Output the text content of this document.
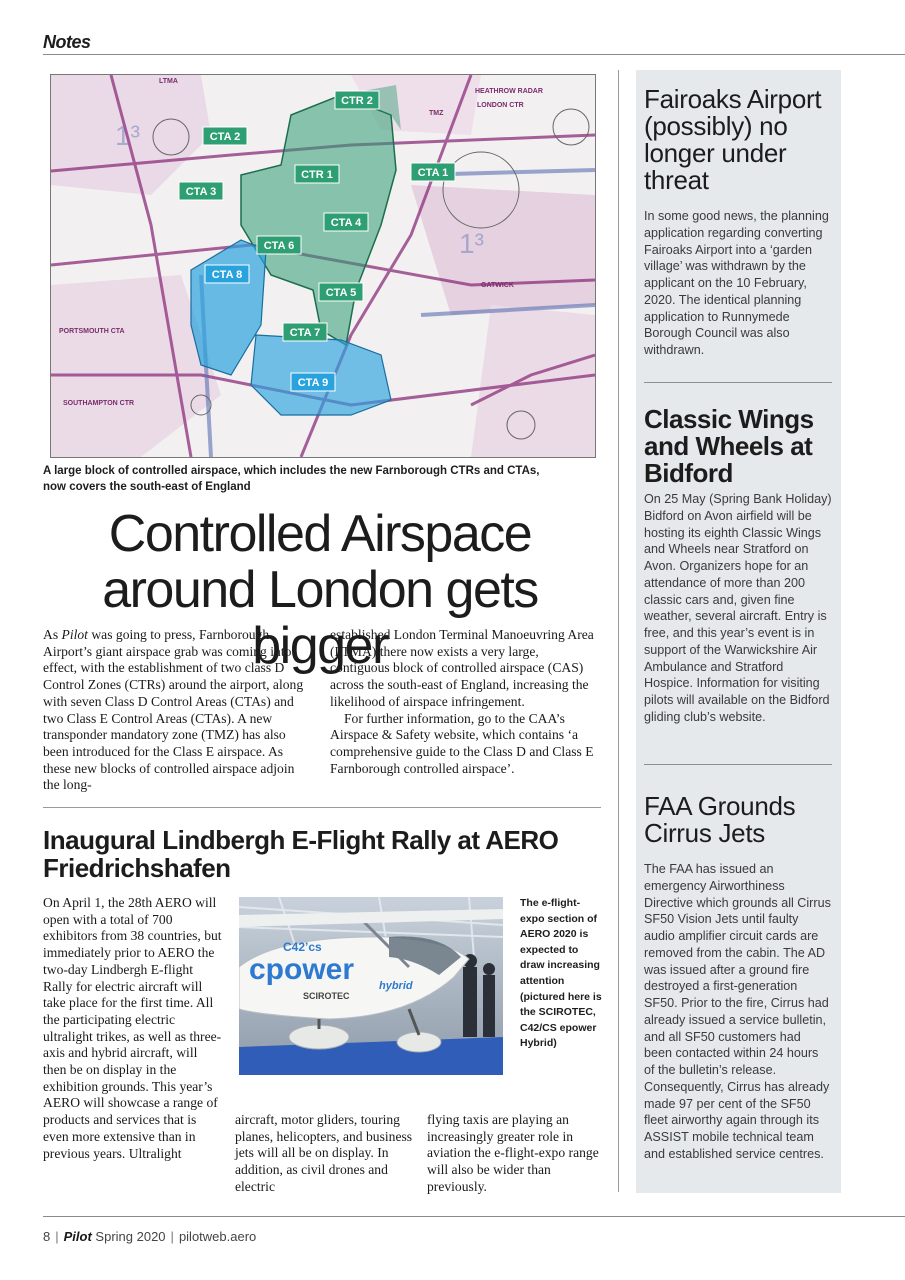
Notes
CTR 2
CTA 2
CTR 1	CTA 1
CTA 3
CTA 4
CTA 6
CTA 8
CTA 5
CTA 7
CTA 9
PORTSMOUTH CTA
SOUTHAMPTON CTR
LTMA
LONDON CTR
TMZ
HEATHROW RADAR
GATWICK
1³
1³
A large block of controlled airspace, which includes the new Farnborough CTRs and CTAs, now covers the south-east of England
Controlled Airspace around London gets bigger

As Pilot was going to press, Farnborough Airport’s giant airspace grab was coming into effect, with the establishment of two class D Control Zones (CTRs) around the airport, along with seven Class D Control Areas (CTAs) and two Class E Control Areas (CTAs). A new transponder mandatory zone (TMZ) has also been introduced for the Class E airspace. As these new blocks of controlled airspace adjoin the long-

established London Terminal Manoeuvring Area (LTMA) there now exists a very large, contiguous block of controlled airspace (CAS) across the south-east of England, increasing the likelihood of airspace infringement.

For further information, go to the CAA’s Airspace & Safety website, which contains ‘a comprehensive guide to the Class D and Class E Farnborough controlled airspace’.

Inaugural Lindbergh E-Flight Rally at AERO Friedrichshafen

On April 1, the 28th AERO will open with a total of 700 exhibitors from 38 countries, but immediately prior to AERO the two-day Lindbergh E-flight Rally for electric aircraft will take place for the first time. All the participating electric ultralight trikes, as well as three-axis and hybrid aircraft, will then be on display in the exhibition grounds. This year’s AERO will showcase a range of products and services that is even more extensive than in previous years. Ultralight

cpower
C42’cs
SCIROTEC
hybrid
The e-flight-expo section of AERO 2020 is expected to draw increasing attention (pictured here is the SCIROTEC, C42/CS epower Hybrid)

aircraft, motor gliders, touring planes, helicopters, and business jets will all be on display. In addition, as civil drones and electric

flying taxis are playing an increasingly greater role in aviation the e-flight-expo range will also be wider than previously.

Fairoaks Airport (possibly) no longer under threat

In some good news, the planning application regarding converting Fairoaks Airport into a ‘garden village’ was withdrawn by the applicant on the 10 February, 2020. The identical planning application to Runnymede Borough Council was also withdrawn.

Classic Wings and Wheels at Bidford

On 25 May (Spring Bank Holiday) Bidford on Avon airfield will be hosting its eighth Classic Wings and Wheels near Stratford on Avon. Organizers hope for an attendance of more than 200 classic cars and, given fine weather, several aircraft. Entry is free, and this year’s event is in support of the Warwickshire Air Ambulance and Stratford Hospice. Information for visiting pilots will available on the Bidford gliding club’s website.

FAA Grounds Cirrus Jets

The FAA has issued an emergency Airworthiness Directive which grounds all Cirrus SF50 Vision Jets until faulty audio amplifier circuit cards are removed from the cabin. The AD was issued after a ground fire destroyed a first-generation SF50. Prior to the fire, Cirrus had already issued a service bulletin, and all SF50 customers had been contacted within 24 hours of the bulletin’s release. Consequently, Cirrus has already made 97 per cent of the SF50 fleet airworthy again through its ASSIST mobile technical team and established service centres.

8 | Pilot Spring 2020 | pilotweb.aero
